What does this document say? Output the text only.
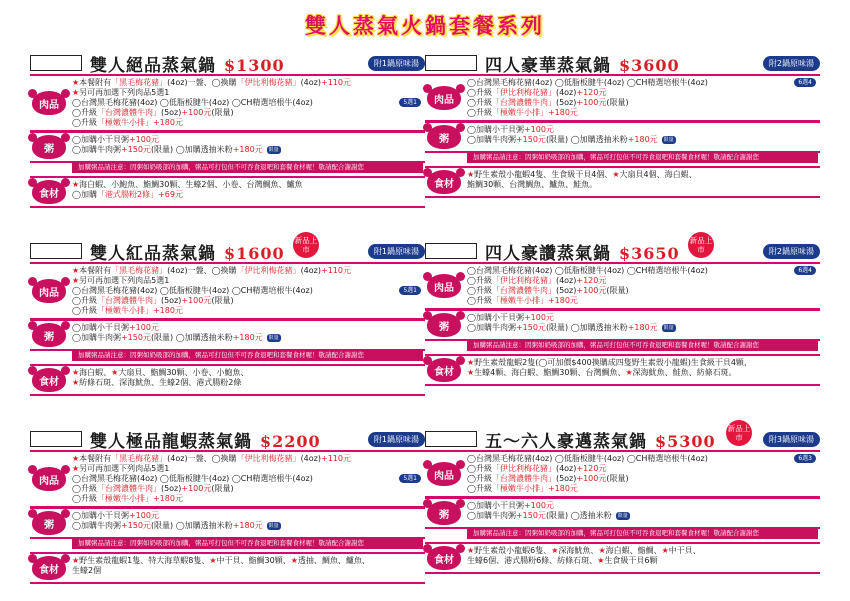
雙人蒸氣火鍋套餐系列
雙人絕品蒸氣鍋 $1300	附1鍋原味湯
肉品
★本餐附有「黑毛梅花豬」(4oz)一盤、◯換購「伊比利梅花豬」(4oz)+110元
★另可再加選下列肉品5選1
◯台灣黑毛梅花豬(4oz) ◯低脂板腱牛(4oz) ◯CH精選培根牛(4oz)	5選1
◯升級「台灣濃體牛肉」(5oz)+100元(限量)
◯升級「極嫩牛小排」+180元
粥
◯加購小干貝粥+100元
◯加購牛肉粥+150元(限量) ◯加購透抽米粉+180元 限量
加購粥品請注意：因粥如奶吸部的加購，粥品可打包但不可吞食退吧和套餐食材喔！敬請配合謝謝您
食材
★海白蝦、小鮑魚、鮨鯛30顆、生蠔2個、小卷、台灣鯛魚、鱸魚
◯加購「港式腸粉2條」+69元
四人豪華蒸氣鍋 $3600	附2鍋原味湯
肉品
◯台灣黑毛梅花豬(4oz) ◯低脂板腱牛(4oz) ◯CH精選培根牛(4oz)	6選4
◯升級「伊比利梅花豬」(4oz)+120元
◯升級「台灣濃體牛肉」(5oz)+100元(限量)
◯升級「極嫩牛小排」+180元
粥
◯加購小干貝粥+100元
◯加購牛肉粥+150元(限量) ◯加購透抽米粉+180元 限量
加購粥品請注意：因粥如奶吸部的加購，粥品可打包但不可吞食退吧和套餐食材喔！敬請配合謝謝您
食材
★野生素殼小龍蝦4隻、生食級干貝4個、★大扇貝4個、海白蝦、
鮨鯛30顆、台灣鯛魚、鱸魚、鮭魚。
雙人紅品蒸氣鍋 $1600	附1鍋原味湯
新品上市
肉品
★本餐附有「黑毛梅花豬」(4oz)一盤、◯換購「伊比利梅花豬」(4oz)+110元
★另可再加選下列肉品5選1
◯台灣黑毛梅花豬(4oz) ◯低脂板腱牛(4oz) ◯CH精選培根牛(4oz)	5選1
◯升級「台灣濃體牛肉」(5oz)+100元(限量)
◯升級「極嫩牛小排」+180元
粥
◯加購小干貝粥+100元
◯加購牛肉粥+150元(限量) ◯加購透抽米粉+180元 限量
加購粥品請注意：因粥如奶吸部的加購，粥品可打包但不可吞食退吧和套餐食材喔！敬請配合謝謝您
食材
★海白蝦、★大扇貝、鮨鯛30顆、小卷、小鮑魚、
★紡條石斑、深海魷魚、生蠔2個、港式腸粉2條
四人豪讚蒸氣鍋 $3650	附2鍋原味湯
新品上市
肉品
◯台灣黑毛梅花豬(4oz) ◯低脂板腱牛(4oz) ◯CH精選培根牛(4oz)	6選4
◯升級「伊比利梅花豬」(4oz)+120元
◯升級「台灣濃體牛肉」(5oz)+100元(限量)
◯升級「極嫩牛小排」+180元
粥
◯加購小干貝粥+100元
◯加購牛肉粥+150元(限量) ◯加購透抽米粉+180元 限量
加購粥品請注意：因粥如奶吸部的加購，粥品可打包但不可吞食退吧和套餐食材喔！敬請配合謝謝您
食材
★野生素殼龍蝦2隻(◯可加價$400換購成四隻野生素殼小龍蝦)生食級干貝4顆、
★生蠔4顆、海白蝦、鮨鯛30顆、台灣鯛魚、★深海魷魚、鮭魚、紡條石斑。
雙人極品龍蝦蒸氣鍋 $2200	附1鍋原味湯
肉品
★本餐附有「黑毛梅花豬」(4oz)一盤、◯換購「伊比利梅花豬」(4oz)+110元
★另可再加選下列肉品5選1
◯台灣黑毛梅花豬(4oz) ◯低脂板腱牛(4oz) ◯CH精選培根牛(4oz)	5選1
◯升級「台灣濃體牛肉」(5oz)+100元(限量)
◯升級「極嫩牛小排」+180元
粥
◯加購小干貝粥+100元
◯加購牛肉粥+150元(限量) ◯加購透抽米粉+180元 限量
加購粥品請注意：因粥如奶吸部的加購，粥品可打包但不可吞食退吧和套餐食材喔！敬請配合謝謝您
食材
★野生素殼龍蝦1隻、特大海草蝦8隻、★中干貝、鮨鯛30顆、★透抽、鯛魚、鱸魚、
生蠔2個
五～六人豪邁蒸氣鍋 $5300	附3鍋原味湯
新品上市
肉品
◯台灣黑毛梅花豬(4oz) ◯低脂板腱牛(4oz) ◯CH精選培根牛(4oz)	6選3
◯升級「伊比利梅花豬」(4oz)+120元
◯升級「台灣濃體牛肉」(5oz)+100元(限量)
◯升級「極嫩牛小排」+180元
粥
◯加購小干貝粥+100元
◯加購牛肉粥+150元(限量) ◯透抽米粉 限量
加購粥品請注意：因粥如奶吸部的加購，粥品可打包但不可吞食退吧和套餐食材喔！敬請配合謝謝您
食材
★野生素殼小龍蝦6隻、★深海魷魚、★海白蝦、鮨鯛、★中干貝、
生蠔6個、港式腸粉6條、紡條石斑、★生食級干貝6顆
